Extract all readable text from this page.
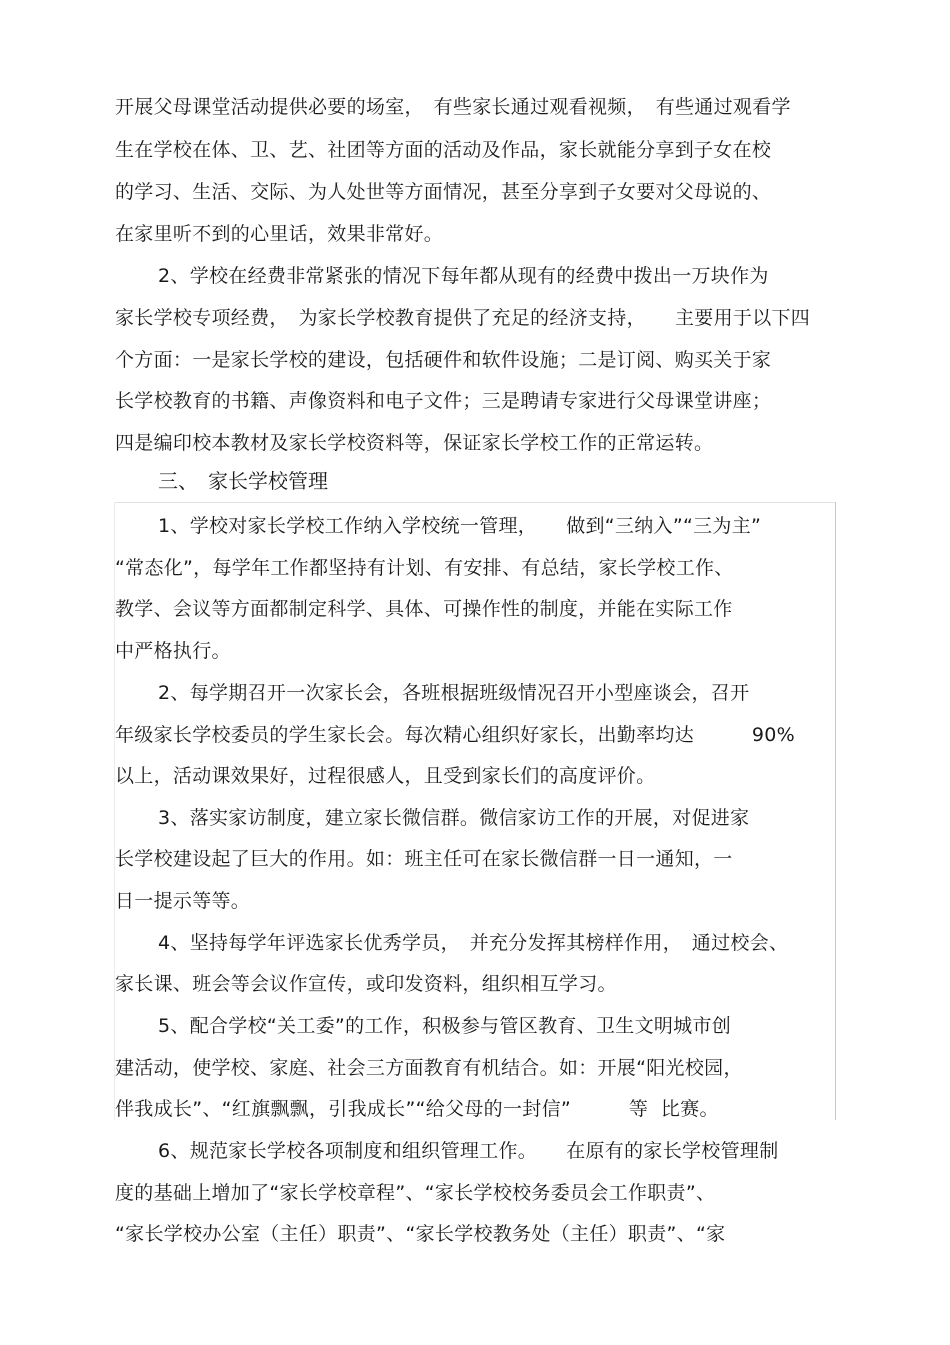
开展父母课堂活动提供必要的场室，　有些家长通过观看视频，　有些通过观看学
生在学校在体、卫、艺、社团等方面的活动及作品，家长就能分享到子女在校
的学习、生活、交际、为人处世等方面情况，甚至分享到子女要对父母说的、
在家里听不到的心里话，效果非常好。
2、学校在经费非常紧张的情况下每年都从现有的经费中拨出一万块作为
家长学校专项经费，　为家长学校教育提供了充足的经济支持，　　主要用于以下四
个方面：一是家长学校的建设，包括硬件和软件设施；二是订阅、购买关于家
长学校教育的书籍、声像资料和电子文件；三是聘请专家进行父母课堂讲座；
四是编印校本教材及家长学校资料等，保证家长学校工作的正常运转。
三、　家长学校管理
1、学校对家长学校工作纳入学校统一管理，　　做到“三纳入”“三为主”
“常态化”，每学年工作都坚持有计划、有安排、有总结，家长学校工作、
教学、会议等方面都制定科学、具体、可操作性的制度，并能在实际工作
中严格执行。
2、每学期召开一次家长会，各班根据班级情况召开小型座谈会，召开
年级家长学校委员的学生家长会。每次精心组织好家长，出勤率均达　　　90%
以上，活动课效果好，过程很感人，且受到家长们的高度评价。
3、落实家访制度，建立家长微信群。微信家访工作的开展，对促进家
长学校建设起了巨大的作用。如：班主任可在家长微信群一日一通知，一
日一提示等等。
4、坚持每学年评选家长优秀学员，　并充分发挥其榜样作用，　通过校会、
家长课、班会等会议作宣传，或印发资料，组织相互学习。
5、配合学校“关工委”的工作，积极参与管区教育、卫生文明城市创
建活动，使学校、家庭、社会三方面教育有机结合。如：开展“阳光校园，
伴我成长”、“红旗飘飘，引我成长”“给父母的一封信”　　　等  比赛。
6、规范家长学校各项制度和组织管理工作。　　在原有的家长学校管理制
度的基础上增加了“家长学校章程”、“家长学校校务委员会工作职责”、
“家长学校办公室（主任）职责”、“家长学校教务处（主任）职责”、“家
